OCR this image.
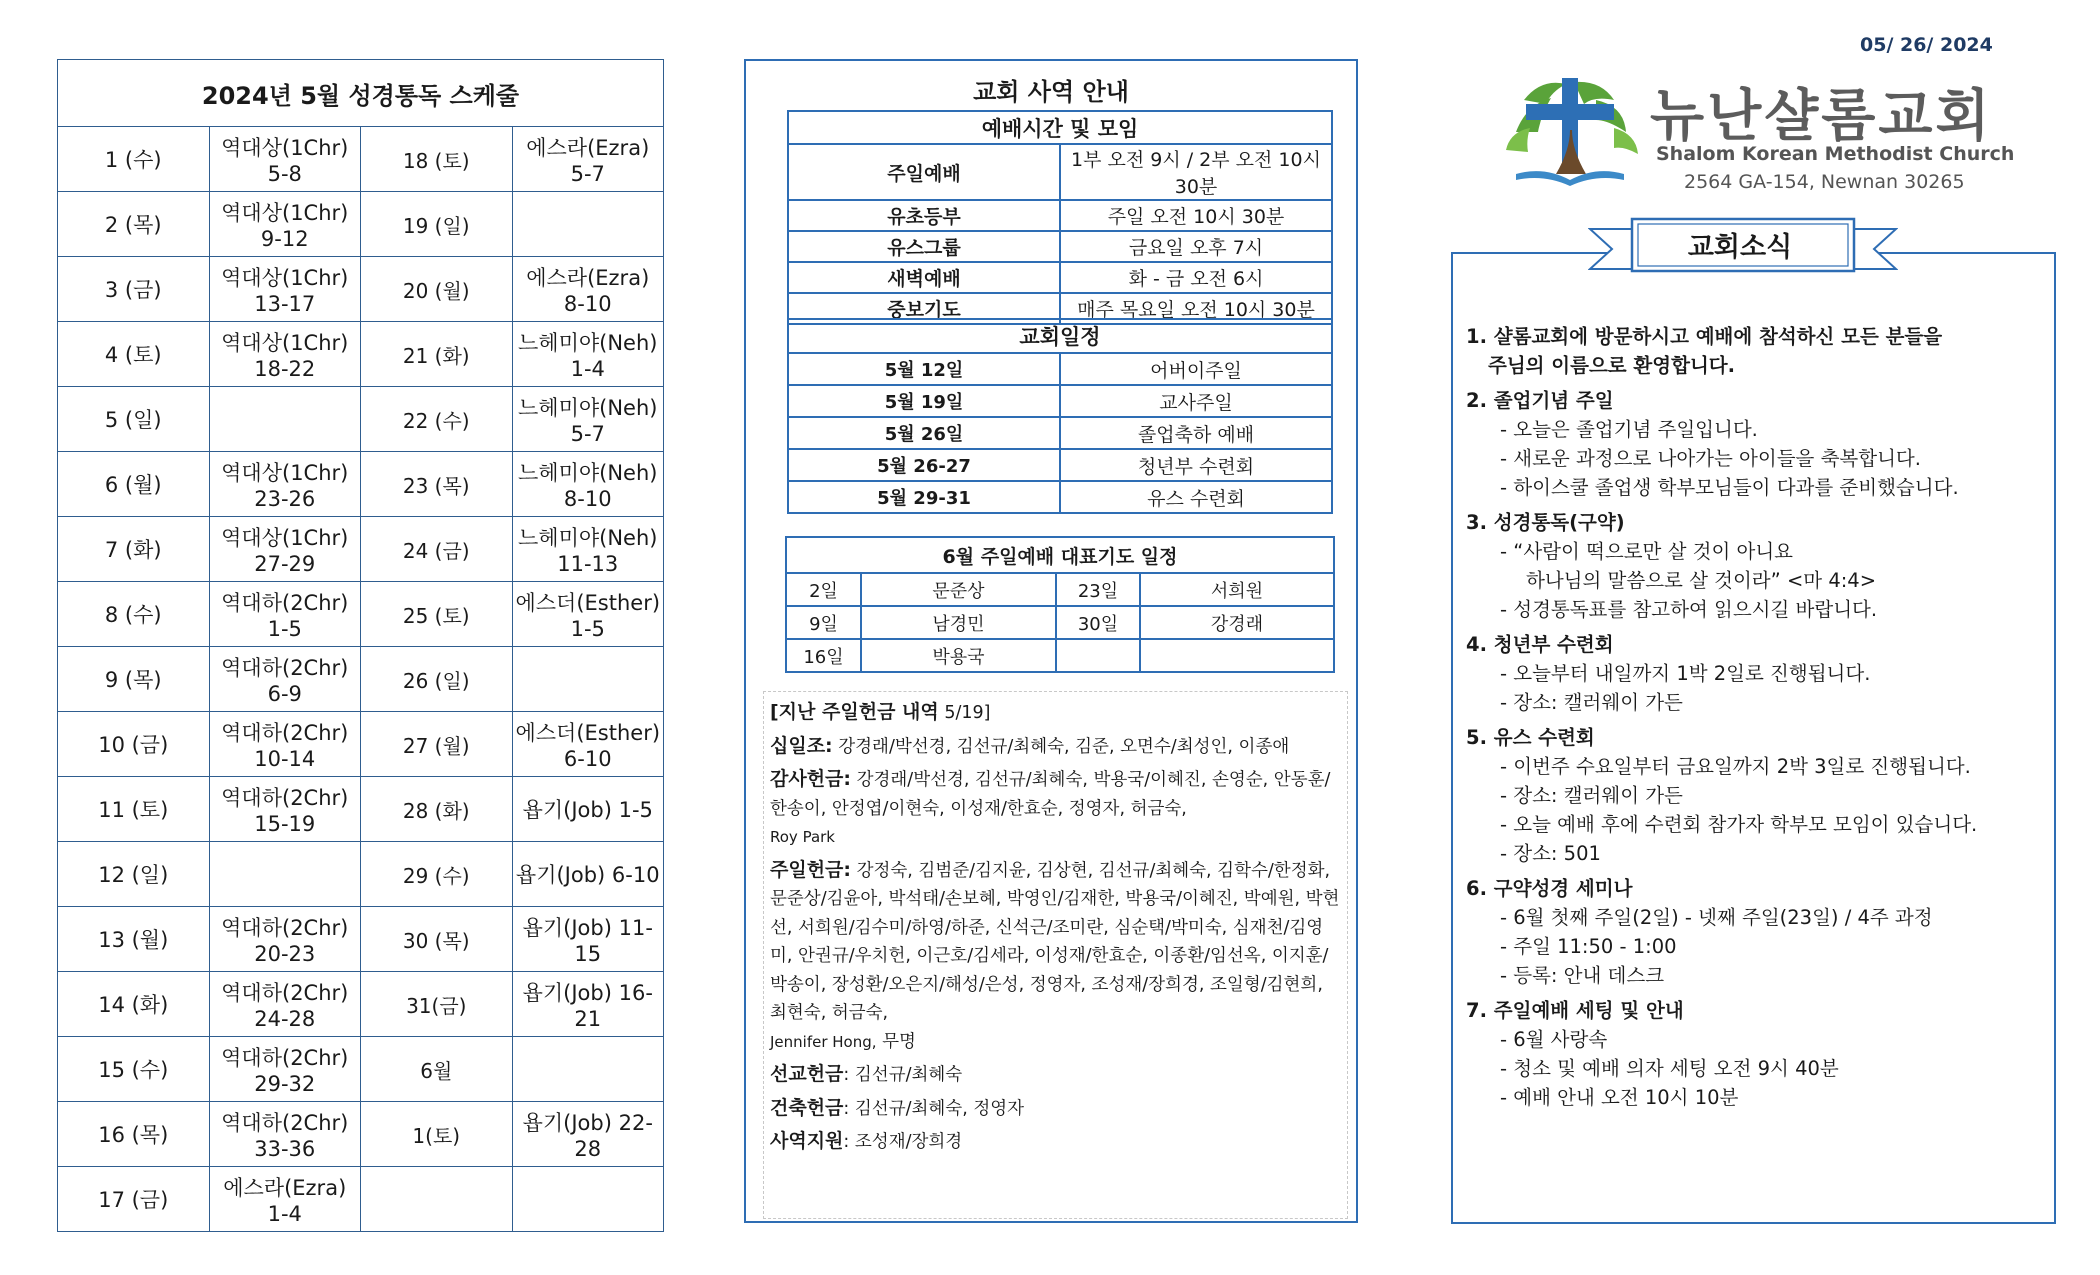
2024년 5월 성경통독 스케줄			
1 (수)	역대상(1Chr) 5-8	18 (토)	에스라(Ezra) 5-7
2 (목)	역대상(1Chr) 9-12	19 (일)	
3 (금)	역대상(1Chr) 13-17	20 (월)	에스라(Ezra) 8-10
4 (토)	역대상(1Chr) 18-22	21 (화)	느헤미야(Neh) 1-4
5 (일)		22 (수)	느헤미야(Neh) 5-7
6 (월)	역대상(1Chr) 23-26	23 (목)	느헤미야(Neh) 8-10
7 (화)	역대상(1Chr) 27-29	24 (금)	느헤미야(Neh) 11-13
8 (수)	역대하(2Chr) 1-5	25 (토)	에스더(Esther) 1-5
9 (목)	역대하(2Chr) 6-9	26 (일)	
10 (금)	역대하(2Chr) 10-14	27 (월)	에스더(Esther) 6-10
11 (토)	역대하(2Chr) 15-19	28 (화)	욥기(Job) 1-5
12 (일)		29 (수)	욥기(Job) 6-10
13 (월)	역대하(2Chr) 20-23	30 (목)	욥기(Job) 11-15
14 (화)	역대하(2Chr) 24-28	31(금)	욥기(Job) 16-21
15 (수)	역대하(2Chr) 29-32	6월	
16 (목)	역대하(2Chr) 33-36	1(토)	욥기(Job) 22-28
17 (금)	에스라(Ezra) 1-4		
교회 사역 안내
예배시간 및 모임	
주일예배	1부 오전 9시 / 2부 오전 10시 30분
유초등부	주일 오전 10시 30분
유스그룹	금요일 오후 7시
새벽예배	화 - 금 오전 6시
중보기도	매주 목요일 오전 10시 30분
교회일정	
5월 12일	어버이주일
5월 19일	교사주일
5월 26일	졸업축하 예배
5월 26-27	청년부 수련회
5월 29-31	유스 수련회
6월 주일예배 대표기도 일정			
2일	문준상	23일	서희원
9일	남경민	30일	강경래
16일	박용국		

[지난 주일헌금 내역 5/19]

십일조: 강경래/박선경, 김선규/최혜숙, 김준, 오면수/최성인, 이종애

감사헌금: 강경래/박선경, 김선규/최혜숙, 박용국/이혜진, 손영순, 안동훈/한송이, 안정엽/이현숙, 이성재/한효순, 정영자, 허금숙,
Roy Park

주일헌금: 강정숙, 김범준/김지윤, 김상현, 김선규/최혜숙, 김학수/한정화, 문준상/김윤아, 박석태/손보혜, 박영인/김재한, 박용국/이혜진, 박예원, 박현선, 서희원/김수미/하영/하준, 신석근/조미란, 심순택/박미숙, 심재천/김영미, 안권규/우치헌, 이근호/김세라, 이성재/한효순, 이종환/임선옥, 이지훈/박송이, 장성환/오은지/해성/은성, 정영자, 조성재/장희경, 조일형/김현희, 최현숙, 허금숙,
Jennifer Hong, 무명

선교헌금: 김선규/최혜숙

건축헌금: 김선규/최혜숙, 정영자

사역지원: 조성재/장희경

05/ 26/ 2024
뉴난샬롬교회
Shalom Korean Methodist Church
2564 GA-154, Newnan 30265
교회소식
1. 샬롬교회에 방문하시고 예배에 참석하신 모든 분들을
주님의 이름으로 환영합니다.
2. 졸업기념 주일
- 오늘은 졸업기념 주일입니다.
- 새로운 과정으로 나아가는 아이들을 축복합니다.
- 하이스쿨 졸업생 학부모님들이 다과를 준비했습니다.
3. 성경통독(구약)
- “사람이 떡으로만 살 것이 아니요
하나님의 말씀으로 살 것이라” <마 4:4>
- 성경통독표를 참고하여 읽으시길 바랍니다.
4. 청년부 수련회
- 오늘부터 내일까지 1박 2일로 진행됩니다.
- 장소: 캘러웨이 가든
5. 유스 수련회
- 이번주 수요일부터 금요일까지 2박 3일로 진행됩니다.
- 장소: 캘러웨이 가든
- 오늘 예배 후에 수련회 참가자 학부모 모임이 있습니다.
- 장소: 501
6. 구약성경 세미나
- 6월 첫째 주일(2일) - 넷째 주일(23일) / 4주 과정
- 주일 11:50 - 1:00
- 등록: 안내 데스크
7. 주일예배 세팅 및 안내
- 6월 사랑속
- 청소 및 예배 의자 세팅 오전 9시 40분
- 예배 안내 오전 10시 10분
